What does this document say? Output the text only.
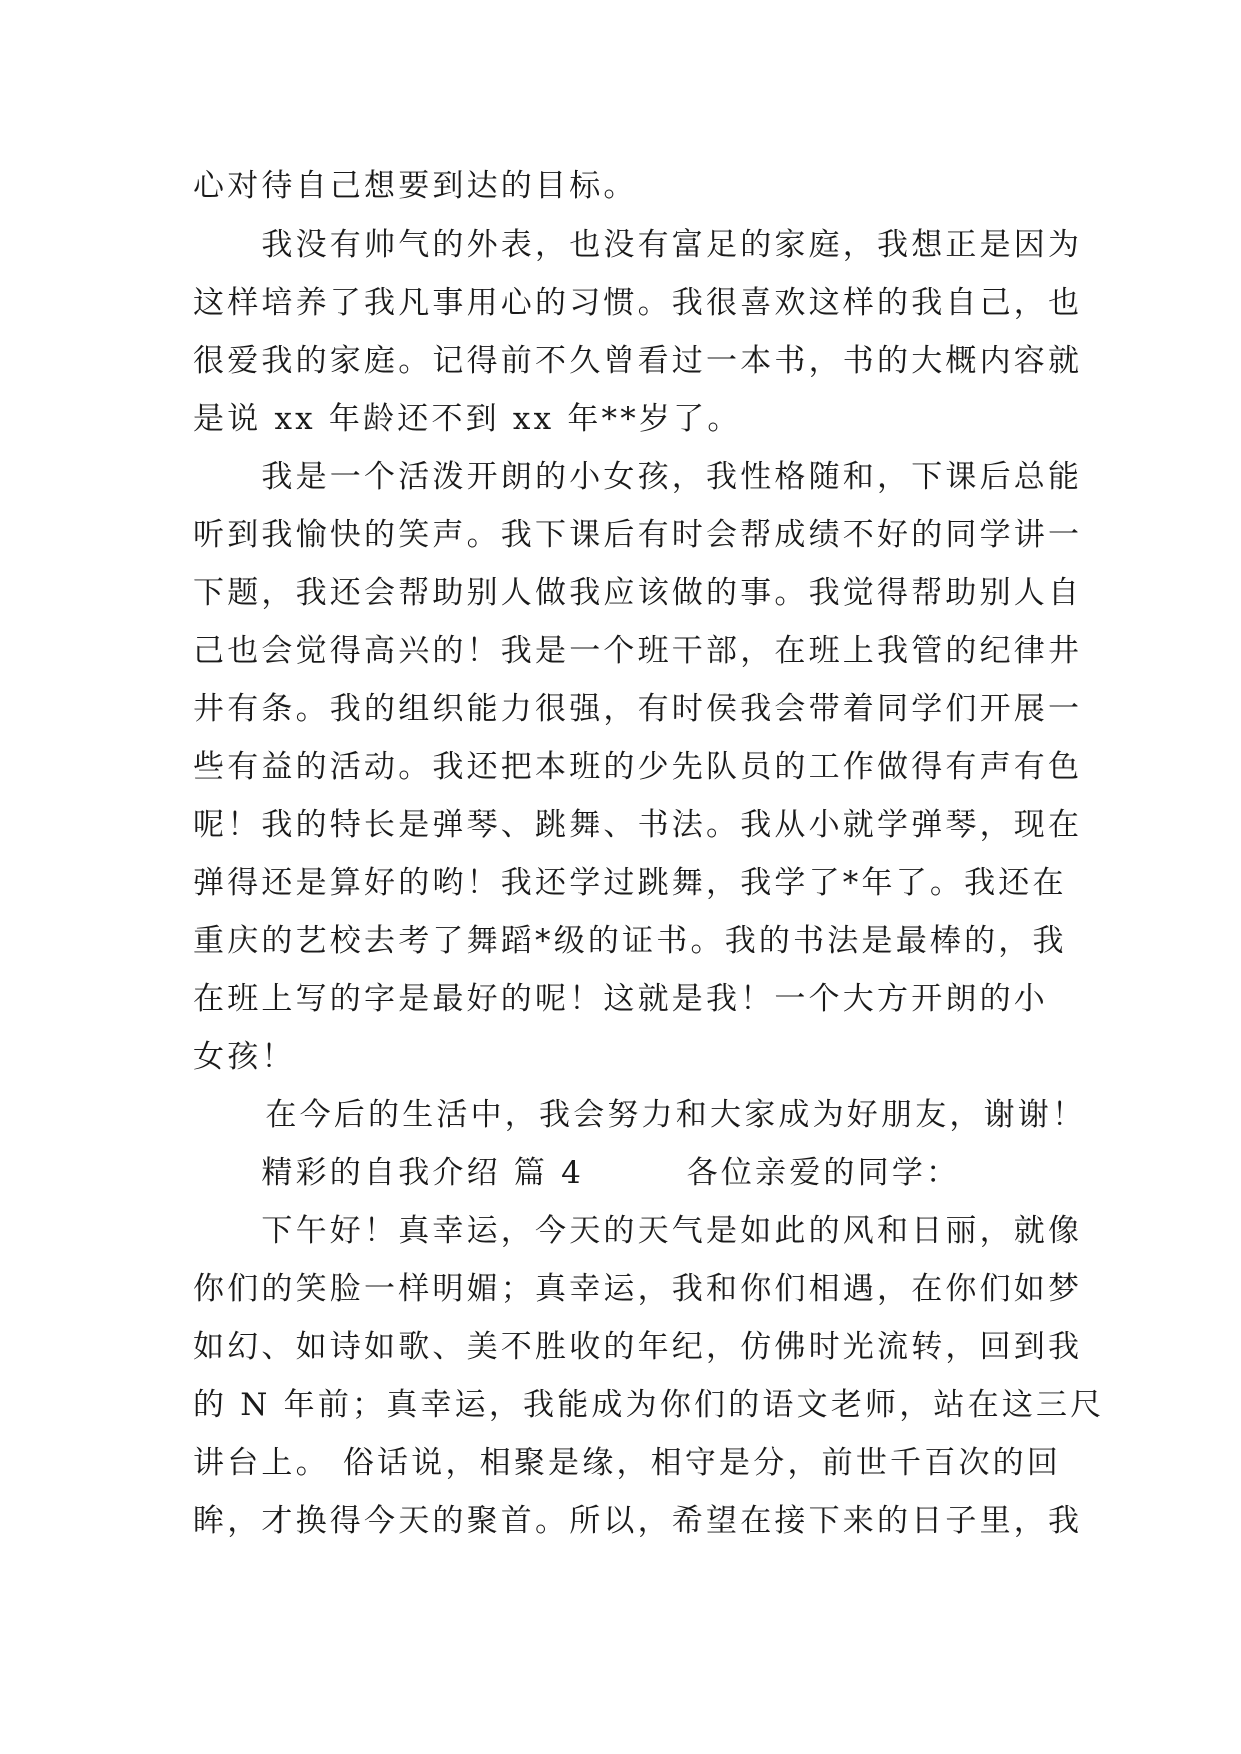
心对待自己想要到达的目标。
　　我没有帅气的外表，也没有富足的家庭，我想正是因为
这样培养了我凡事用心的习惯。我很喜欢这样的我自己，也
很爱我的家庭。记得前不久曾看过一本书，书的大概内容就
是说 xx 年龄还不到 xx 年**岁了。
　　我是一个活泼开朗的小女孩，我性格随和，下课后总能
听到我愉快的笑声。我下课后有时会帮成绩不好的同学讲一
下题，我还会帮助别人做我应该做的事。我觉得帮助别人自
己也会觉得高兴的！我是一个班干部，在班上我管的纪律井
井有条。我的组织能力很强，有时侯我会带着同学们开展一
些有益的活动。我还把本班的少先队员的工作做得有声有色
呢！我的特长是弹琴、跳舞、书法。我从小就学弹琴，现在
弹得还是算好的哟！我还学过跳舞，我学了*年了。我还在
重庆的艺校去考了舞蹈*级的证书。我的书法是最棒的，我
在班上写的字是最好的呢！这就是我！一个大方开朗的小
女孩！
　　在今后的生活中，我会努力和大家成为好朋友，谢谢！
　　精彩的自我介绍 篇 4　　　各位亲爱的同学：
　　下午好！真幸运，今天的天气是如此的风和日丽，就像
你们的笑脸一样明媚；真幸运，我和你们相遇，在你们如梦
如幻、如诗如歌、美不胜收的年纪，仿佛时光流转，回到我
的 N 年前；真幸运，我能成为你们的语文老师，站在这三尺
讲台上。 俗话说，相聚是缘，相守是分，前世千百次的回
眸，才换得今天的聚首。所以，希望在接下来的日子里，我
